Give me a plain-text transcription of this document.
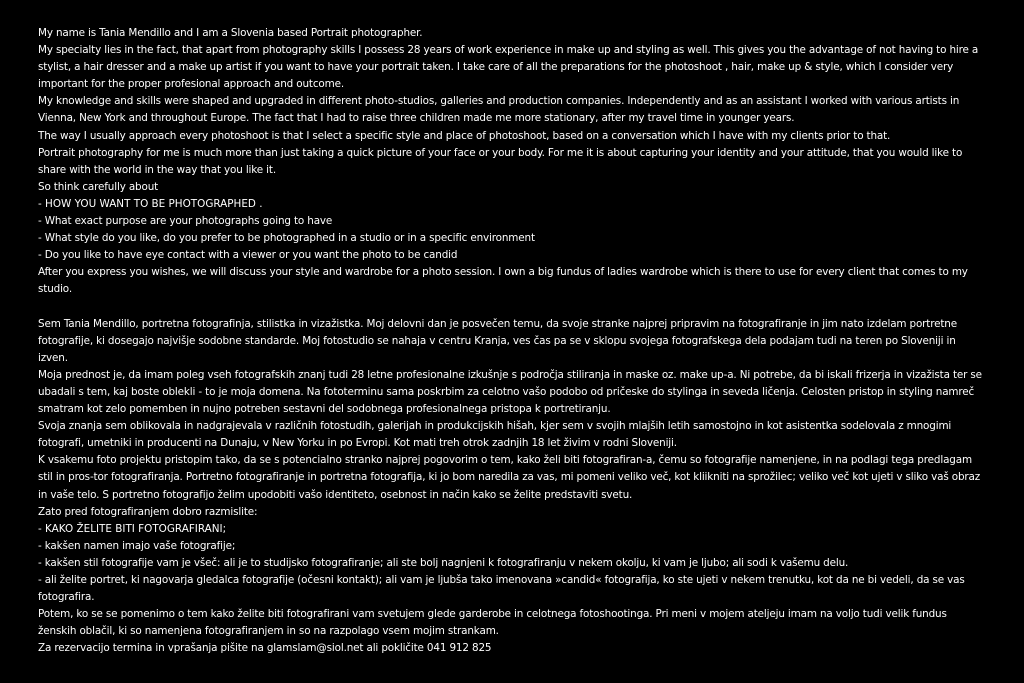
My name is Tania Mendillo and I am a Slovenia based Portrait photographer.

My specialty lies in the fact, that apart from photography skills I possess 28 years of work experience in make up and styling as well. This gives you the advantage of not having to hire a stylist, a hair dresser and a make up artist if you want to have your portrait taken. I take care of all the preparations for the photoshoot , hair, make up & style, which I consider very important for the proper profesional approach and outcome.

My knowledge and skills were shaped and upgraded in different photo-studios, galleries and production companies. Independently and as an assistant I worked with various artists in Vienna, New York and throughout Europe. The fact that I had to raise three children made me more stationary, after my travel time in younger years.

The way I usually approach every photoshoot is that I select a specific style and place of photoshoot, based on a conversation which I have with my clients prior to that.

Portrait photography for me is much more than just taking a quick picture of your face or your body. For me it is about capturing your identity and your attitude, that you would like to share with the world in the way that you like it.

So think carefully about

- HOW YOU WANT TO BE PHOTOGRAPHED .

- What exact purpose are your photographs going to have

- What style do you like, do you prefer to be photographed in a studio or in a specific environment

- Do you like to have eye contact with a viewer or you want the photo to be candid

After you express you wishes, we will discuss your style and wardrobe for a photo session. I own a big fundus of ladies wardrobe which is there to use for every client that comes to my studio.

Sem Tania Mendillo, portretna fotografinja, stilistka in vizažistka. Moj delovni dan je posvečen temu, da svoje stranke najprej pripravim na fotografiranje in jim nato izdelam portretne fotografije, ki dosegajo najvišje sodobne standarde. Moj fotostudio se nahaja v centru Kranja, ves čas pa se v sklopu svojega fotografskega dela podajam tudi na teren po Sloveniji in izven.

Moja prednost je, da imam poleg vseh fotografskih znanj tudi 28 letne profesionalne izkušnje s področja stiliranja in maske oz. make up-a. Ni potrebe, da bi iskali frizerja in vizažista ter se ubadali s tem, kaj boste oblekli - to je moja domena. Na fototerminu sama poskrbim za celotno vašo podobo od pričeske do stylinga in seveda ličenja. Celosten pristop in styling namreč smatram kot zelo pomemben in nujno potreben sestavni del sodobnega profesionalnega pristopa k portretiranju.

Svoja znanja sem oblikovala in nadgrajevala v različnih fotostudih, galerijah in produkcijskih hišah, kjer sem v svojih mlajših letih samostojno in kot asistentka sodelovala z mnogimi fotografi, umetniki in producenti na Dunaju, v New Yorku in po Evropi. Kot mati treh otrok zadnjih 18 let živim v rodni Sloveniji.

K vsakemu foto projektu pristopim tako, da se s potencialno stranko najprej pogovorim o tem, kako želi biti fotografiran-a, čemu so fotografije namenjene, in na podlagi tega predlagam stil in pros-tor fotografiranja. Portretno fotografiranje in portretna fotografija, ki jo bom naredila za vas, mi pomeni veliko več, kot kliikniti na sprožilec; veliko več kot ujeti v sliko vaš obraz in vaše telo. S portretno fotografijo želim upodobiti vašo identiteto, osebnost in način kako se želite predstaviti svetu.

Zato pred fotografiranjem dobro razmislite:

- KAKO ŽELITE BITI FOTOGRAFIRANI;

- kakšen namen imajo vaše fotografije;

- kakšen stil fotografije vam je všeč: ali je to studijsko fotografiranje; ali ste bolj nagnjeni k fotografiranju v nekem okolju, ki vam je ljubo; ali sodi k vašemu delu.

- ali želite portret, ki nagovarja gledalca fotografije (očesni kontakt); ali vam je ljubša tako imenovana »candid« fotografija, ko ste ujeti v nekem trenutku, kot da ne bi vedeli, da se vas fotografira.

Potem, ko se se pomenimo o tem kako želite biti fotografirani vam svetujem glede garderobe in celotnega fotoshootinga. Pri meni v mojem ateljeju imam na voljo tudi velik fundus ženskih oblačil, ki so namenjena fotografiranjem in so na razpolago vsem mojim strankam.

Za rezervacijo termina in vprašanja pišite na glamslam@siol.net ali pokličite 041 912 825
